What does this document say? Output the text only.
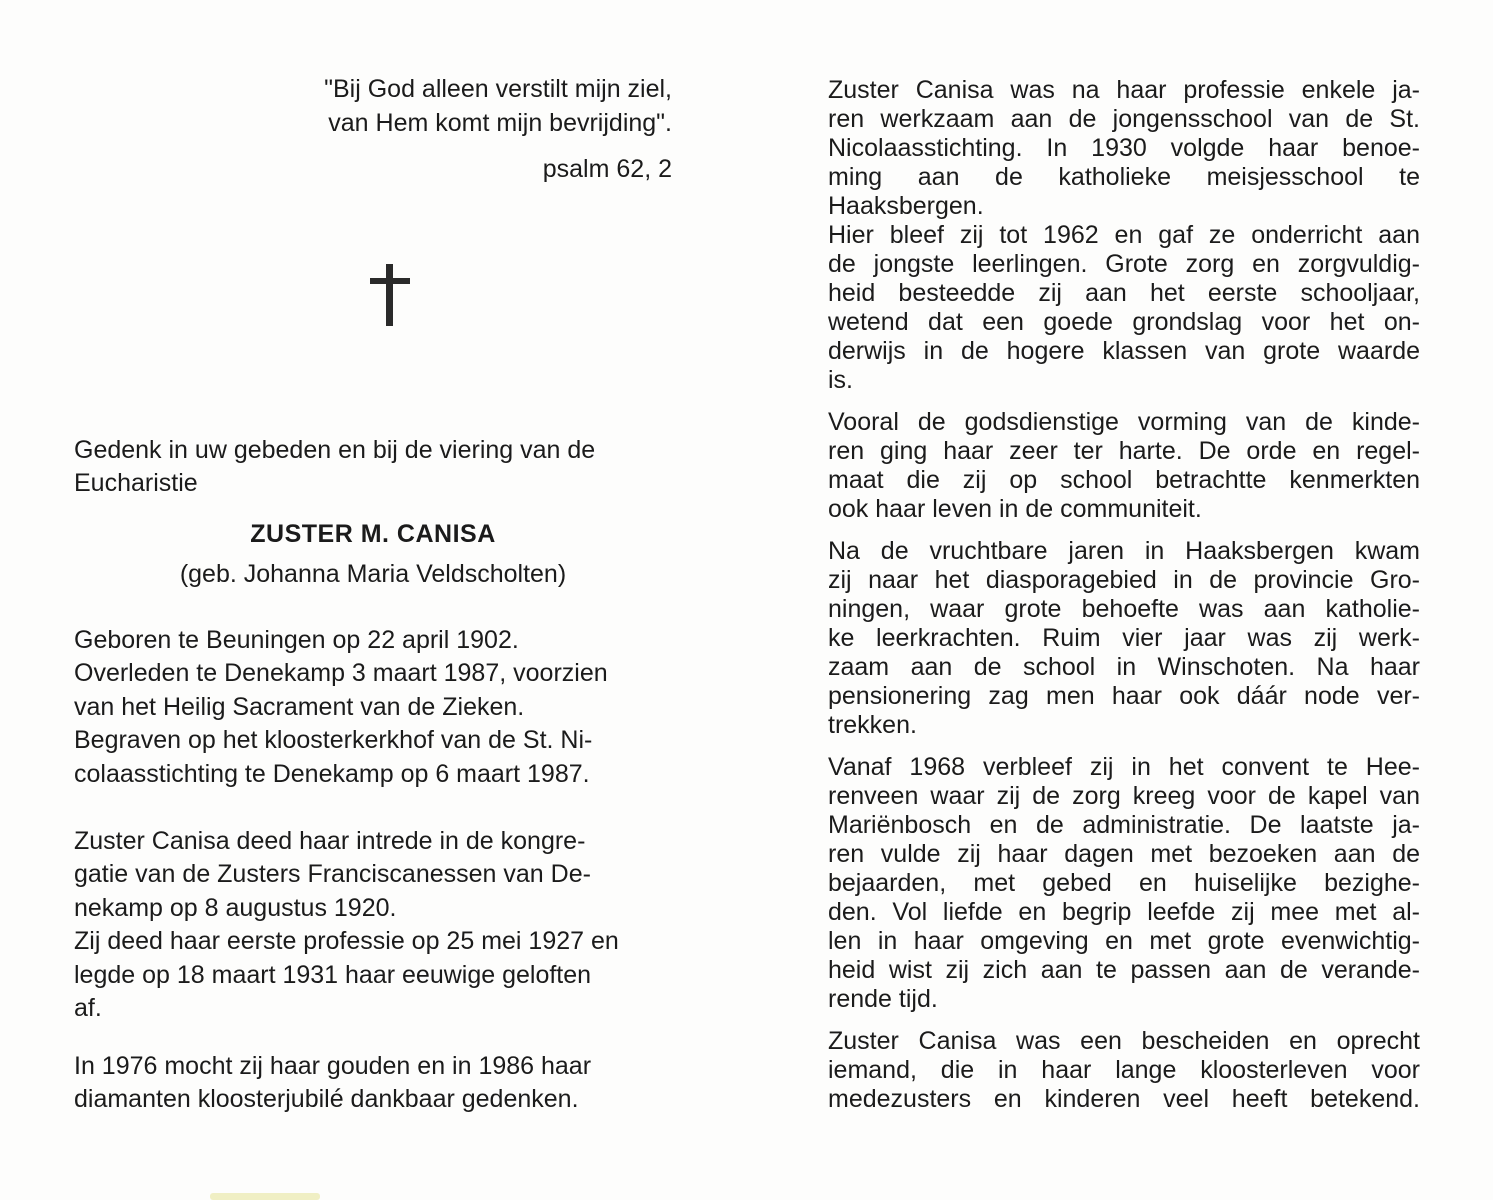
"Bij God alleen verstilt mijn ziel,
van Hem komt mijn bevrijding".
psalm 62, 2
Gedenk in uw gebeden en bij de viering van de
Eucharistie
ZUSTER M. CANISA
(geb. Johanna Maria Veldscholten)

Geboren te Beuningen op 22 april 1902.
Overleden te Denekamp 3 maart 1987, voorzien
van het Heilig Sacrament van de Zieken.
Begraven op het kloosterkerkhof van de St. Ni-
colaasstichting te Denekamp op 6 maart 1987.

Zuster Canisa deed haar intrede in de kongre-
gatie van de Zusters Franciscanessen van De-
nekamp op 8 augustus 1920.
Zij deed haar eerste professie op 25 mei 1927 en
legde op 18 maart 1931 haar eeuwige geloften
af.

In 1976 mocht zij haar gouden en in 1986 haar
diamanten kloosterjubilé dankbaar gedenken.

Zuster Canisa was na haar professie enkele ja-
ren werkzaam aan de jongensschool van de St.
Nicolaasstichting. In 1930 volgde haar benoe-
ming aan de katholieke meisjesschool te
Haaksbergen.
Hier bleef zij tot 1962 en gaf ze onderricht aan
de jongste leerlingen. Grote zorg en zorgvuldig-
heid besteedde zij aan het eerste schooljaar,
wetend dat een goede grondslag voor het on-
derwijs in de hogere klassen van grote waarde
is.

Vooral de godsdienstige vorming van de kinde-
ren ging haar zeer ter harte. De orde en regel-
maat die zij op school betrachtte kenmerkten
ook haar leven in de communiteit.

Na de vruchtbare jaren in Haaksbergen kwam
zij naar het diasporagebied in de provincie Gro-
ningen, waar grote behoefte was aan katholie-
ke leerkrachten. Ruim vier jaar was zij werk-
zaam aan de school in Winschoten. Na haar
pensionering zag men haar ook dáár node ver-
trekken.

Vanaf 1968 verbleef zij in het convent te Hee-
renveen waar zij de zorg kreeg voor de kapel van
Mariënbosch en de administratie. De laatste ja-
ren vulde zij haar dagen met bezoeken aan de
bejaarden, met gebed en huiselijke bezighe-
den. Vol liefde en begrip leefde zij mee met al-
len in haar omgeving en met grote evenwichtig-
heid wist zij zich aan te passen aan de verande-
rende tijd.

Zuster Canisa was een bescheiden en oprecht
iemand, die in haar lange kloosterleven voor
medezusters en kinderen veel heeft betekend.
